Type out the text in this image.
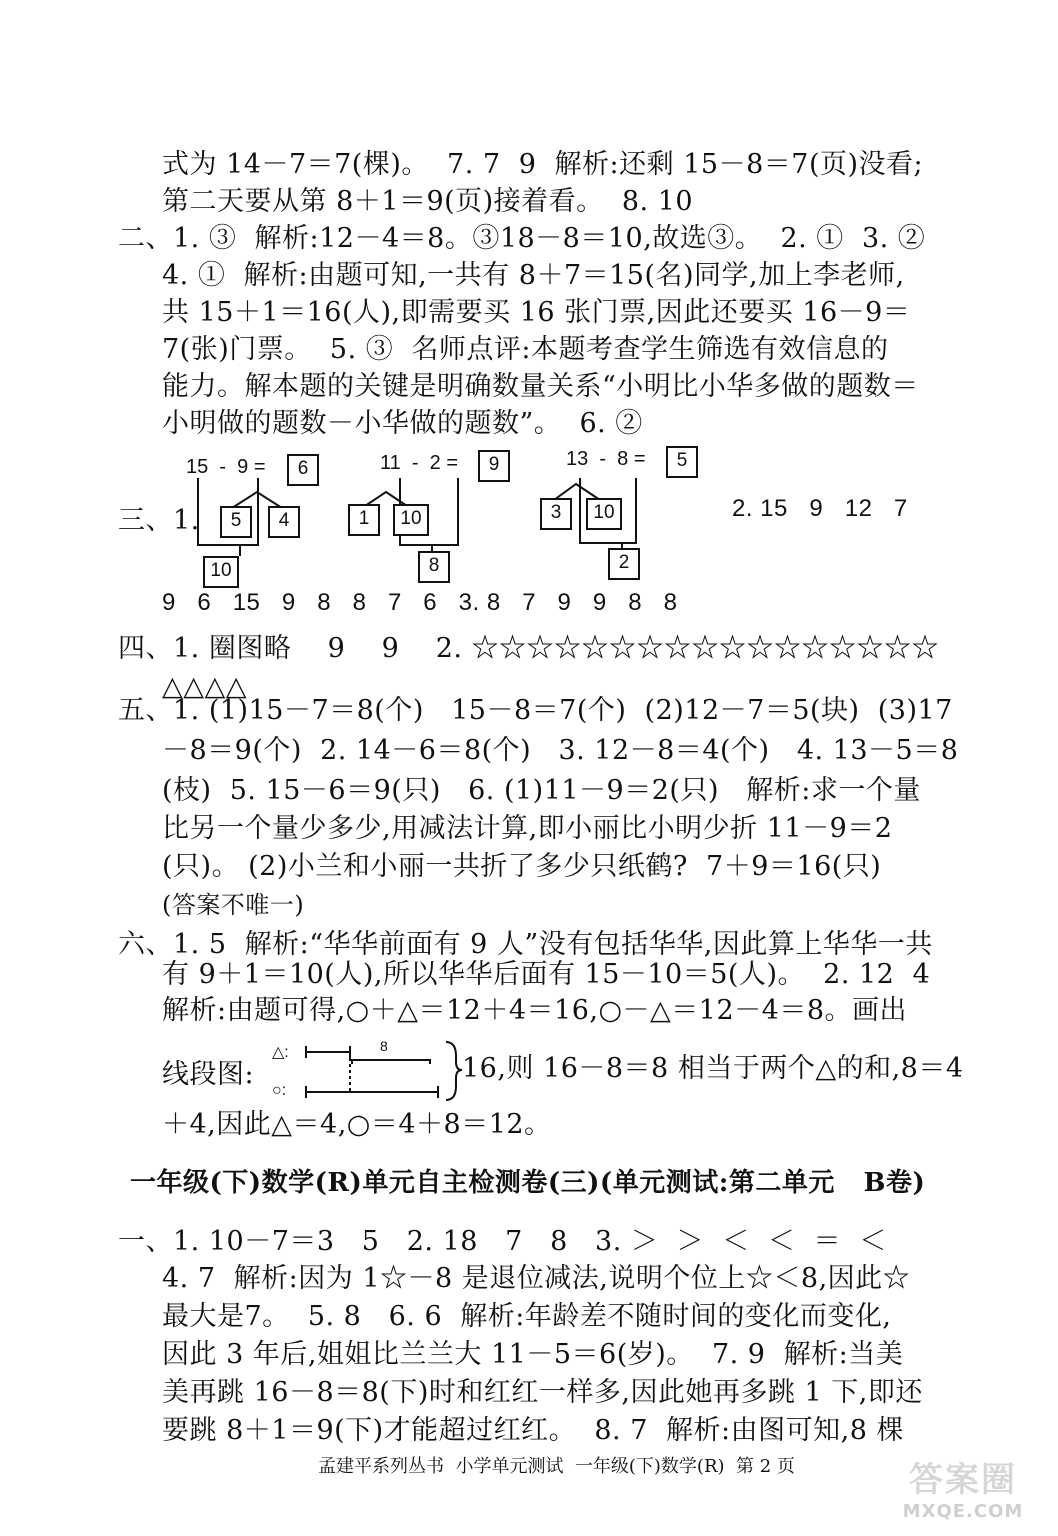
式为 14－7＝7(棵)。  7. 7  9  解析:还剩 15－8＝7(页)没看;
第二天要从第 8＋1＝9(页)接着看。  8. 10
二、1. ③  解析:12－4＝8。③18－8＝10,故选③。  2. ①  3. ②
4. ①  解析:由题可知,一共有 8＋7＝15(名)同学,加上李老师,
共 15＋1＝16(人),即需要买 16 张门票,因此还要买 16－9＝
7(张)门票。  5. ③  名师点评:本题考查学生筛选有效信息的
能力。解本题的关键是明确数量关系“小明比小华多做的题数＝
小明做的题数－小华做的题数”。  6. ②
三、1.
15  -  9 =	6
5	4
10
11  -  2 =	9
1	10
8
13  -  8 =	5
3	10
2
2. 15   9   12   7
9   6   15   9   8   8   7   6   3. 8   7   9   9   8   8
四、1. 圈图略    9    9    2. ☆☆☆☆☆☆☆☆☆☆☆☆☆☆☆☆☆
△△△△
五、1. (1)15－7＝8(个)   15－8＝7(个)  (2)12－7＝5(块)  (3)17
－8＝9(个)  2. 14－6＝8(个)   3. 12－8＝4(个)   4. 13－5＝8
(枝)  5. 15－6＝9(只)   6. (1)11－9＝2(只)   解析:求一个量
比另一个量少多少,用减法计算,即小丽比小明少折 11－9＝2
(只)。 (2)小兰和小丽一共折了多少只纸鹤?  7＋9＝16(只)
(答案不唯一)
六、1. 5  解析:“华华前面有 9 人”没有包括华华,因此算上华华一共
有 9＋1＝10(人),所以华华后面有 15－10＝5(人)。  2. 12  4
解析:由题可得,○＋△＝12＋4＝16,○－△＝12－4＝8。画出
线段图:
△:
○:
8
16,则 16－8＝8 相当于两个△的和,8＝4
＋4,因此△＝4,○＝4＋8＝12。
一年级(下)数学(R)单元自主检测卷(三)(单元测试:第二单元   B卷)
一、1. 10－7＝3   5   2. 18   7   8   3. ＞  ＞  ＜  ＜  ＝  ＜
4. 7  解析:因为 1☆－8 是退位减法,说明个位上☆＜8,因此☆
最大是7。  5. 8   6. 6  解析:年龄差不随时间的变化而变化,
因此 3 年后,姐姐比兰兰大 11－5＝6(岁)。  7. 9  解析:当美
美再跳 16－8＝8(下)时和红红一样多,因此她再多跳 1 下,即还
要跳 8＋1＝9(下)才能超过红红。  8. 7  解析:由图可知,8 棵
孟建平系列丛书  小学单元测试  一年级(下)数学(R)  第 2 页	答案圈
MXQE.COM
